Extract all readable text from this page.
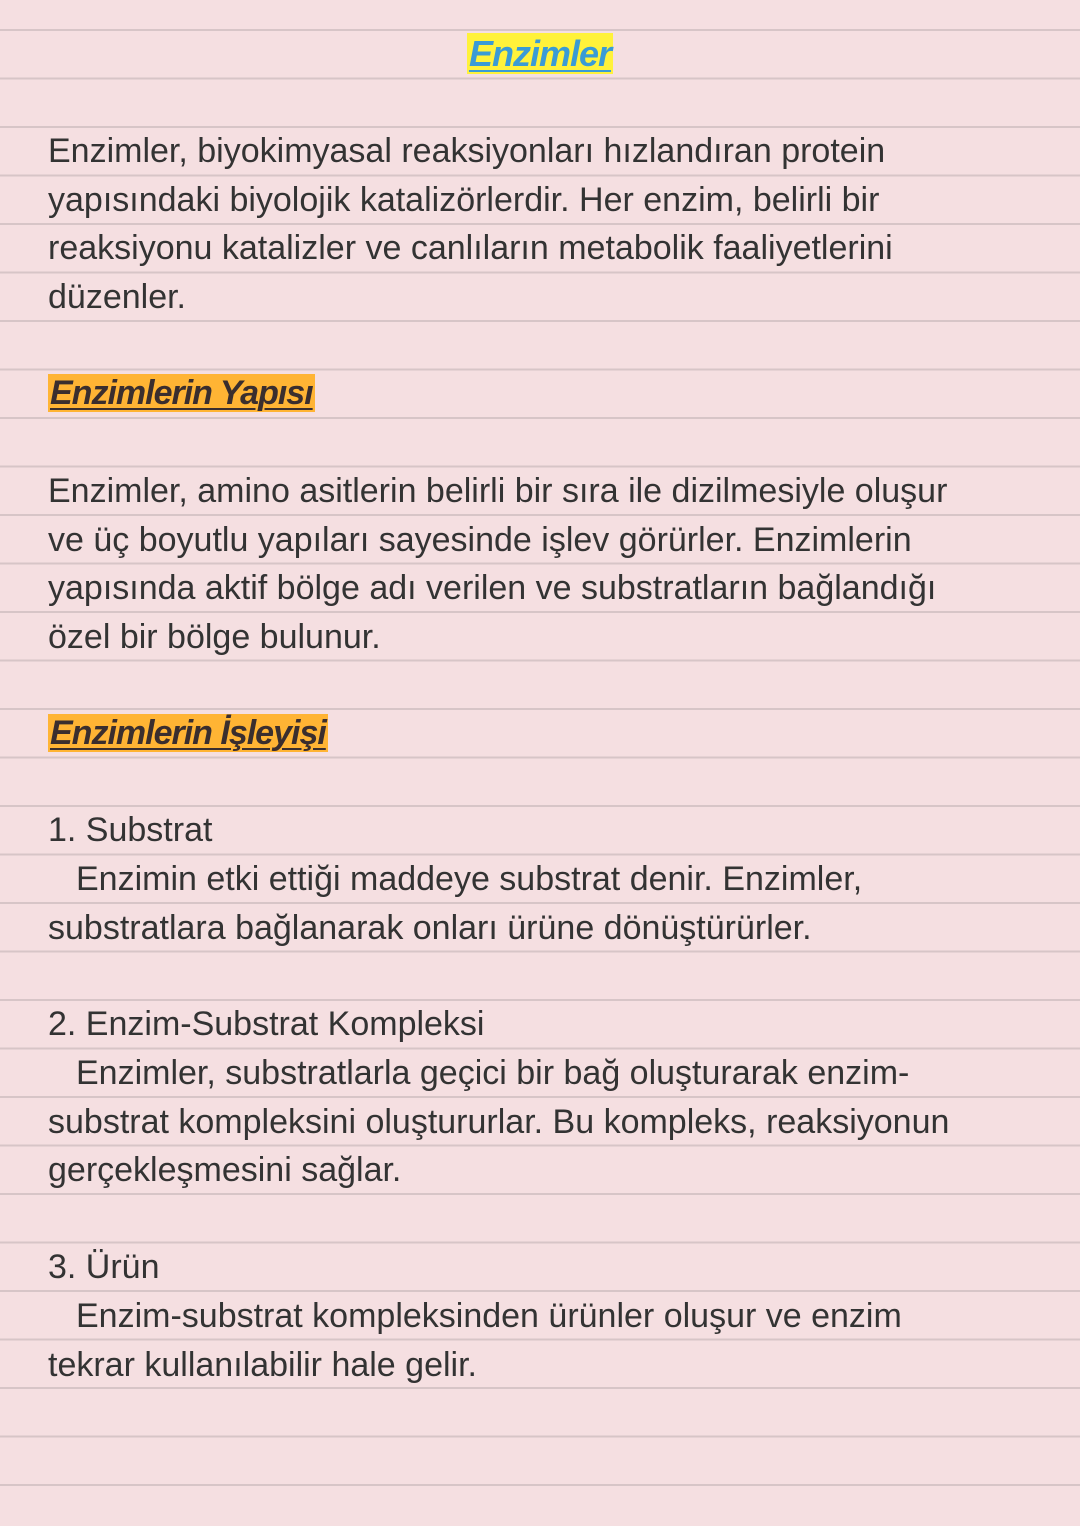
Enzimler
Enzimler, biyokimyasal reaksiyonları hızlandıran protein
yapısındaki biyolojik katalizörlerdir. Her enzim, belirli bir
reaksiyonu katalizler ve canlıların metabolik faaliyetlerini
düzenler.
Enzimlerin Yapısı
Enzimler, amino asitlerin belirli bir sıra ile dizilmesiyle oluşur
ve üç boyutlu yapıları sayesinde işlev görürler. Enzimlerin
yapısında aktif bölge adı verilen ve substratların bağlandığı
özel bir bölge bulunur.
Enzimlerin İşleyişi

1. Substrat

Enzimin etki ettiği maddeye substrat denir. Enzimler,
substratlara bağlanarak onları ürüne dönüştürürler.

2. Enzim-Substrat Kompleksi

Enzimler, substratlarla geçici bir bağ oluşturarak enzim-
substrat kompleksini oluştururlar. Bu kompleks, reaksiyonun
gerçekleşmesini sağlar.

3. Ürün

Enzim-substrat kompleksinden ürünler oluşur ve enzim
tekrar kullanılabilir hale gelir.
